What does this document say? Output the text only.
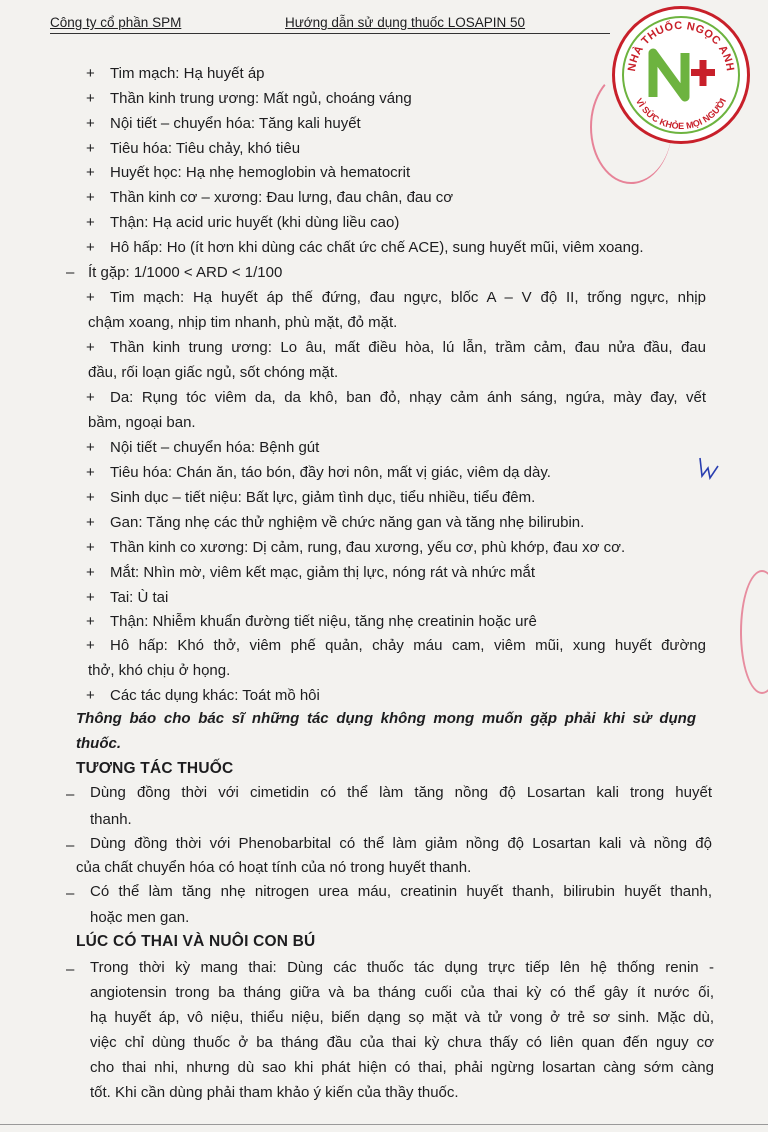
Công ty cổ phần SPM	Hướng dẫn sử dụng thuốc LOSAPIN 50
NHÀ THUỐC NGỌC ANH
VÌ SỨC KHỎE MỌI NGƯỜI
+ Tim mạch: Hạ huyết áp
+ Thần kinh trung ương: Mất ngủ, choáng váng
+ Nội tiết – chuyển hóa: Tăng kali huyết
+ Tiêu hóa: Tiêu chảy, khó tiêu
+ Huyết học: Hạ nhẹ hemoglobin và hematocrit
+ Thần kinh cơ – xương: Đau lưng, đau chân, đau cơ
+ Thận: Hạ acid uric huyết (khi dùng liều cao)
+ Hô hấp: Ho (ít hơn khi dùng các chất ức chế ACE), sung huyết mũi, viêm xoang.
– Ít gặp: 1/1000 < ARD < 1/100
+ Tim mạch: Hạ huyết áp thế đứng, đau ngực, blốc A – V độ II, trống ngực, nhịp
chậm xoang, nhịp tim nhanh, phù mặt, đỏ mặt.
+ Thần kinh trung ương: Lo âu, mất điều hòa, lú lẫn, trầm cảm, đau nửa đầu, đau
đầu, rối loạn giấc ngủ, sốt chóng mặt.
+ Da: Rụng tóc viêm da, da khô, ban đỏ, nhạy cảm ánh sáng, ngứa, mày đay, vết
bầm, ngoại ban.
+ Nội tiết – chuyển hóa: Bệnh gút
+ Tiêu hóa: Chán ăn, táo bón, đầy hơi nôn, mất vị giác, viêm dạ dày.
+ Sinh dục – tiết niệu: Bất lực, giảm tình dục, tiểu nhiều, tiểu đêm.
+ Gan: Tăng nhẹ các thử nghiệm về chức năng gan và tăng nhẹ bilirubin.
+ Thần kinh co xương: Dị cảm, rung, đau xương, yếu cơ, phù khớp, đau xơ cơ.
+ Mắt: Nhìn mờ, viêm kết mạc, giảm thị lực, nóng rát và nhức mắt
+ Tai: Ù tai
+ Thận: Nhiễm khuẩn đường tiết niệu, tăng nhẹ creatinin hoặc urê
+ Hô hấp: Khó thở, viêm phế quản, chảy máu cam, viêm mũi, xung huyết đường
thở, khó chịu ở họng.
+ Các tác dụng khác: Toát mồ hôi
Thông báo cho bác sĩ những tác dụng không mong muốn gặp phải khi sử dụng
thuốc.
TƯƠNG TÁC THUỐC
– Dùng đồng thời với cimetidin có thể làm tăng nồng độ Losartan kali trong huyết
thanh.
– Dùng đồng thời với Phenobarbital có thể làm giảm nồng độ Losartan kali và nồng độ
của chất chuyển hóa có hoạt tính của nó trong huyết thanh.
– Có thể làm tăng nhẹ nitrogen urea máu, creatinin huyết thanh, bilirubin huyết thanh,
hoặc men gan.
LÚC CÓ THAI VÀ NUÔI CON BÚ
– Trong thời kỳ mang thai: Dùng các thuốc tác dụng trực tiếp lên hệ thống renin -
angiotensin trong ba tháng giữa và ba tháng cuối của thai kỳ có thể gây ít nước ối,
hạ huyết áp, vô niệu, thiểu niệu, biến dạng sọ mặt và tử vong ở trẻ sơ sinh. Mặc dù,
việc chỉ dùng thuốc ở ba tháng đầu của thai kỳ chưa thấy có liên quan đến nguy cơ
cho thai nhi, nhưng dù sao khi phát hiện có thai, phải ngừng losartan càng sớm càng
tốt. Khi cần dùng phải tham khảo ý kiến của thầy thuốc.
